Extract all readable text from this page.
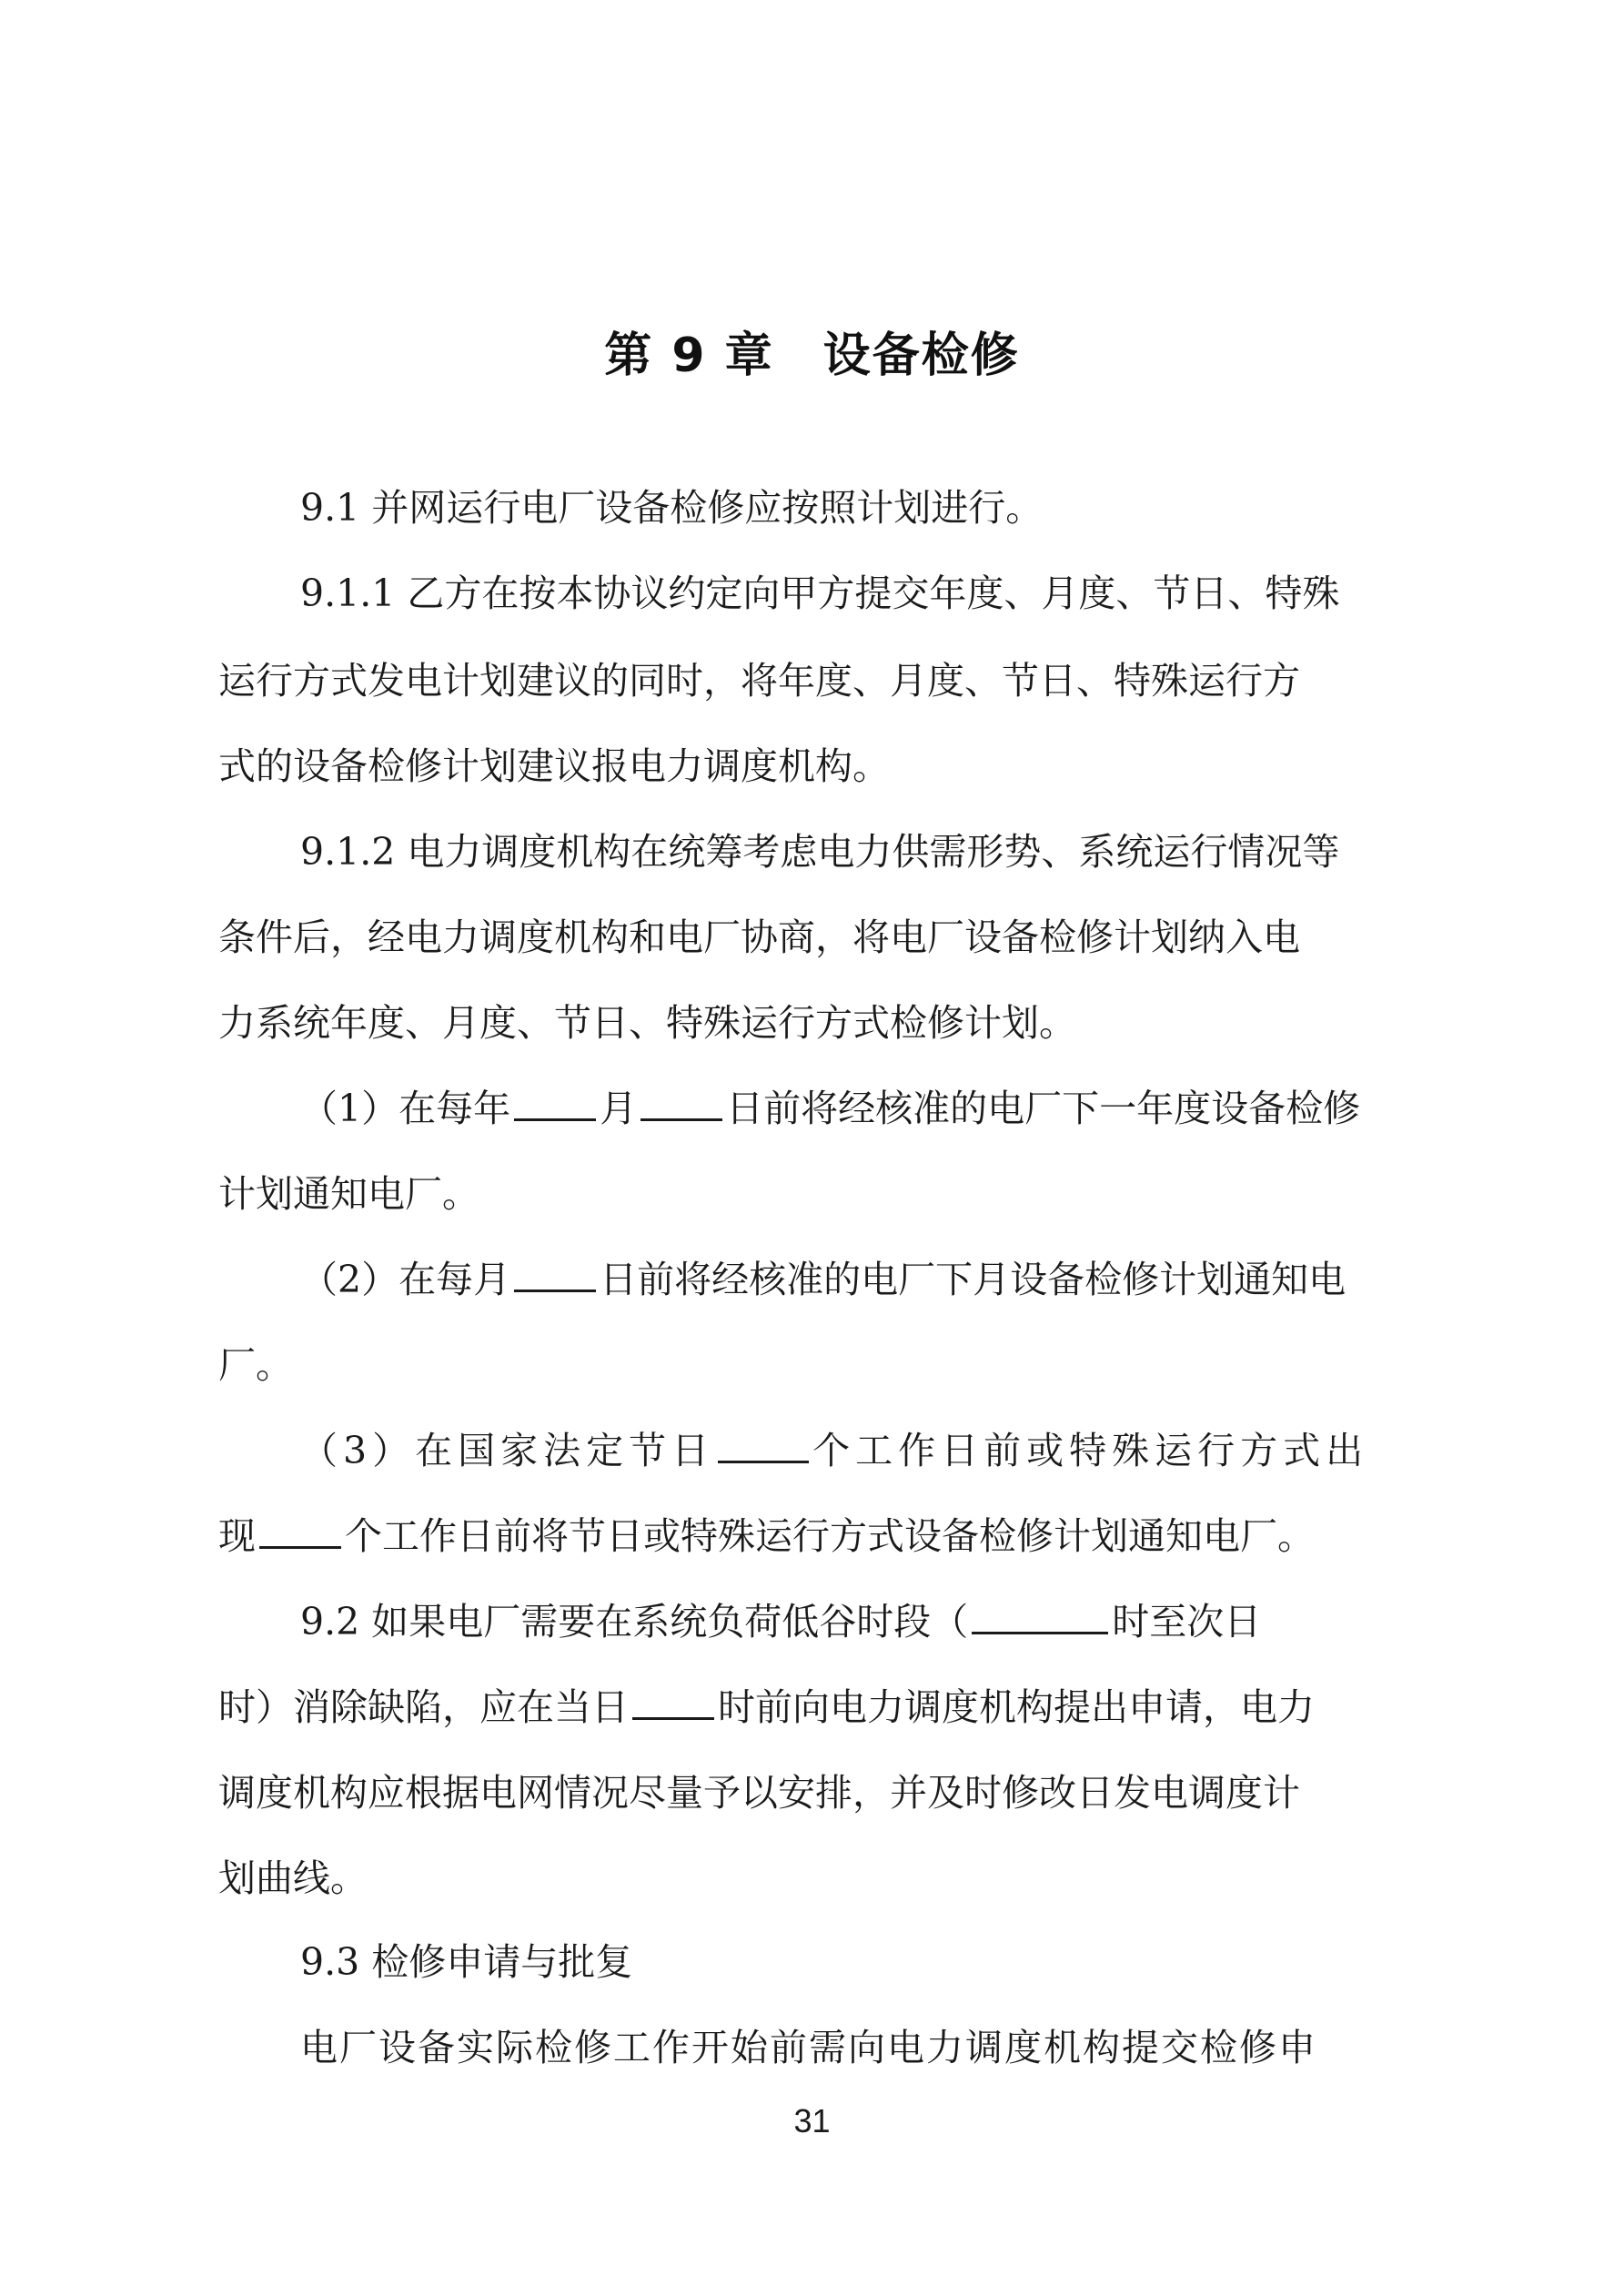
第 9 章　设备检修
9.1 并网运行电厂设备检修应按照计划进行。
9.1.1 乙方在按本协议约定向甲方提交年度、月度、节日、特殊
运行方式发电计划建议的同时，将年度、月度、节日、特殊运行方
式的设备检修计划建议报电力调度机构。
9.1.2 电力调度机构在统筹考虑电力供需形势、系统运行情况等
条件后，经电力调度机构和电厂协商，将电厂设备检修计划纳入电
力系统年度、月度、节日、特殊运行方式检修计划。
（1）在每年 月 日前将经核准的电厂下一年度设备检修
计划通知电厂。
（2）在每月 日前将经核准的电厂下月设备检修计划通知电
厂。
（3）在国家法定节日	个工作日前或特殊运行方式出
现 个工作日前将节日或特殊运行方式设备检修计划通知电厂。
9.2 如果电厂需要在系统负荷低谷时段（	时至次日
时）消除缺陷，应在当日 时前向电力调度机构提出申请，电力
调度机构应根据电网情况尽量予以安排，并及时修改日发电调度计
划曲线。
9.3 检修申请与批复
电厂设备实际检修工作开始前需向电力调度机构提交检修申
31
